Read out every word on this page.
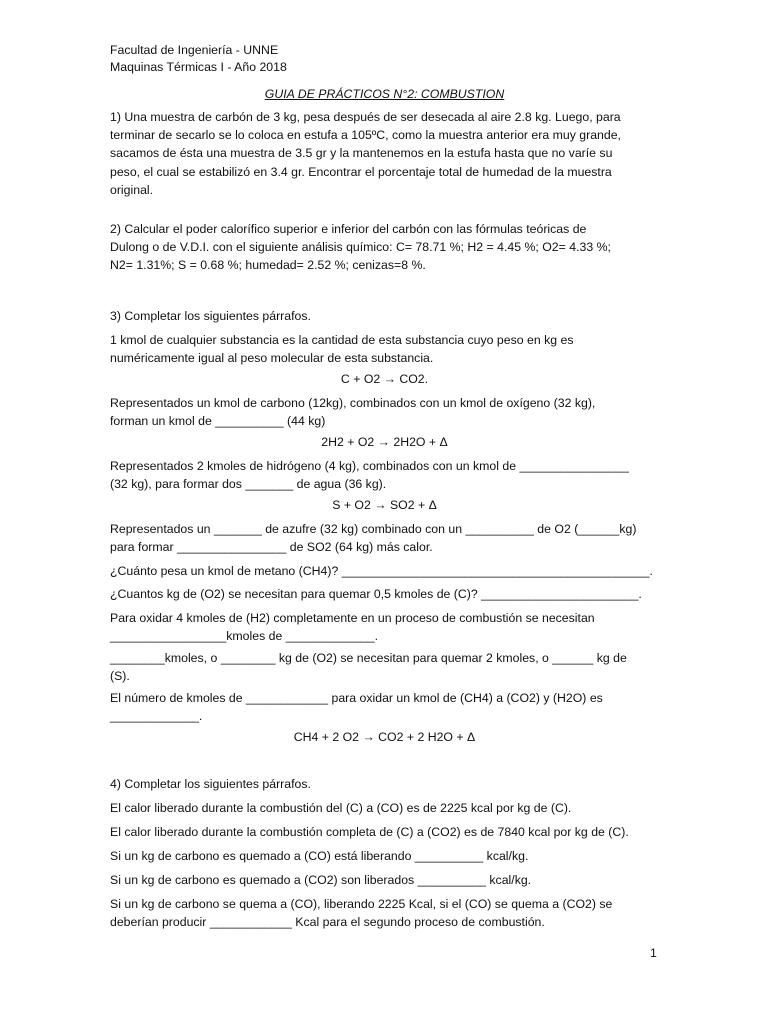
Facultad de Ingeniería - UNNE
Maquinas Térmicas I - Año 2018
GUIA DE PRÁCTICOS N°2: COMBUSTION
1) Una muestra de carbón de 3 kg, pesa después de ser desecada al aire 2.8 kg. Luego, para
terminar de secarlo se lo coloca en estufa a 105ºC, como la muestra anterior era muy grande,
sacamos de ésta una muestra de 3.5 gr y la mantenemos en la estufa hasta que no varíe su
peso, el cual se estabilizó en 3.4 gr. Encontrar el porcentaje total de humedad de la muestra
original.
2) Calcular el poder calorífico superior e inferior del carbón con las fórmulas teóricas de
Dulong o de V.D.I. con el siguiente análisis químico: C= 78.71 %; H2 = 4.45 %; O2= 4.33 %;
N2= 1.31%; S = 0.68 %; humedad= 2.52 %; cenizas=8 %.
3) Completar los siguientes párrafos.
1 kmol de cualquier substancia es la cantidad de esta substancia cuyo peso en kg es
numéricamente igual al peso molecular de esta substancia.
C + O2 → CO2.
Representados un kmol de carbono (12kg), combinados con un kmol de oxígeno (32 kg),
forman un kmol de __________ (44 kg)
2H2 + O2 → 2H2O + Δ
Representados 2 kmoles de hidrógeno (4 kg), combinados con un kmol de ________________
(32 kg), para formar dos _______ de agua (36 kg).
S + O2 → SO2 + Δ
Representados un _______ de azufre (32 kg) combinado con un __________ de O2 (______kg)
para formar ________________ de SO2 (64 kg) más calor.
¿Cuánto pesa un kmol de metano (CH4)? _____________________________________________.
¿Cuantos kg de (O2) se necesitan para quemar 0,5 kmoles de (C)? _______________________.
Para oxidar 4 kmoles de (H2) completamente en un proceso de combustión se necesitan
_________________kmoles de _____________.
________kmoles, o ________ kg de (O2) se necesitan para quemar 2 kmoles, o ______ kg de
(S).
El número de kmoles de ____________ para oxidar un kmol de (CH4) a (CO2) y (H2O) es
_____________.
CH4 + 2 O2 → CO2 + 2 H2O + Δ
4) Completar los siguientes párrafos.
El calor liberado durante la combustión del (C) a (CO) es de 2225 kcal por kg de (C).
El calor liberado durante la combustión completa de (C) a (CO2) es de 7840 kcal por kg de (C).
Si un kg de carbono es quemado a (CO) está liberando __________ kcal/kg.
Si un kg de carbono es quemado a (CO2) son liberados __________ kcal/kg.
Si un kg de carbono se quema a (CO), liberando 2225 Kcal, si el (CO) se quema a (CO2) se
deberían producir ____________ Kcal para el segundo proceso de combustión.
1
